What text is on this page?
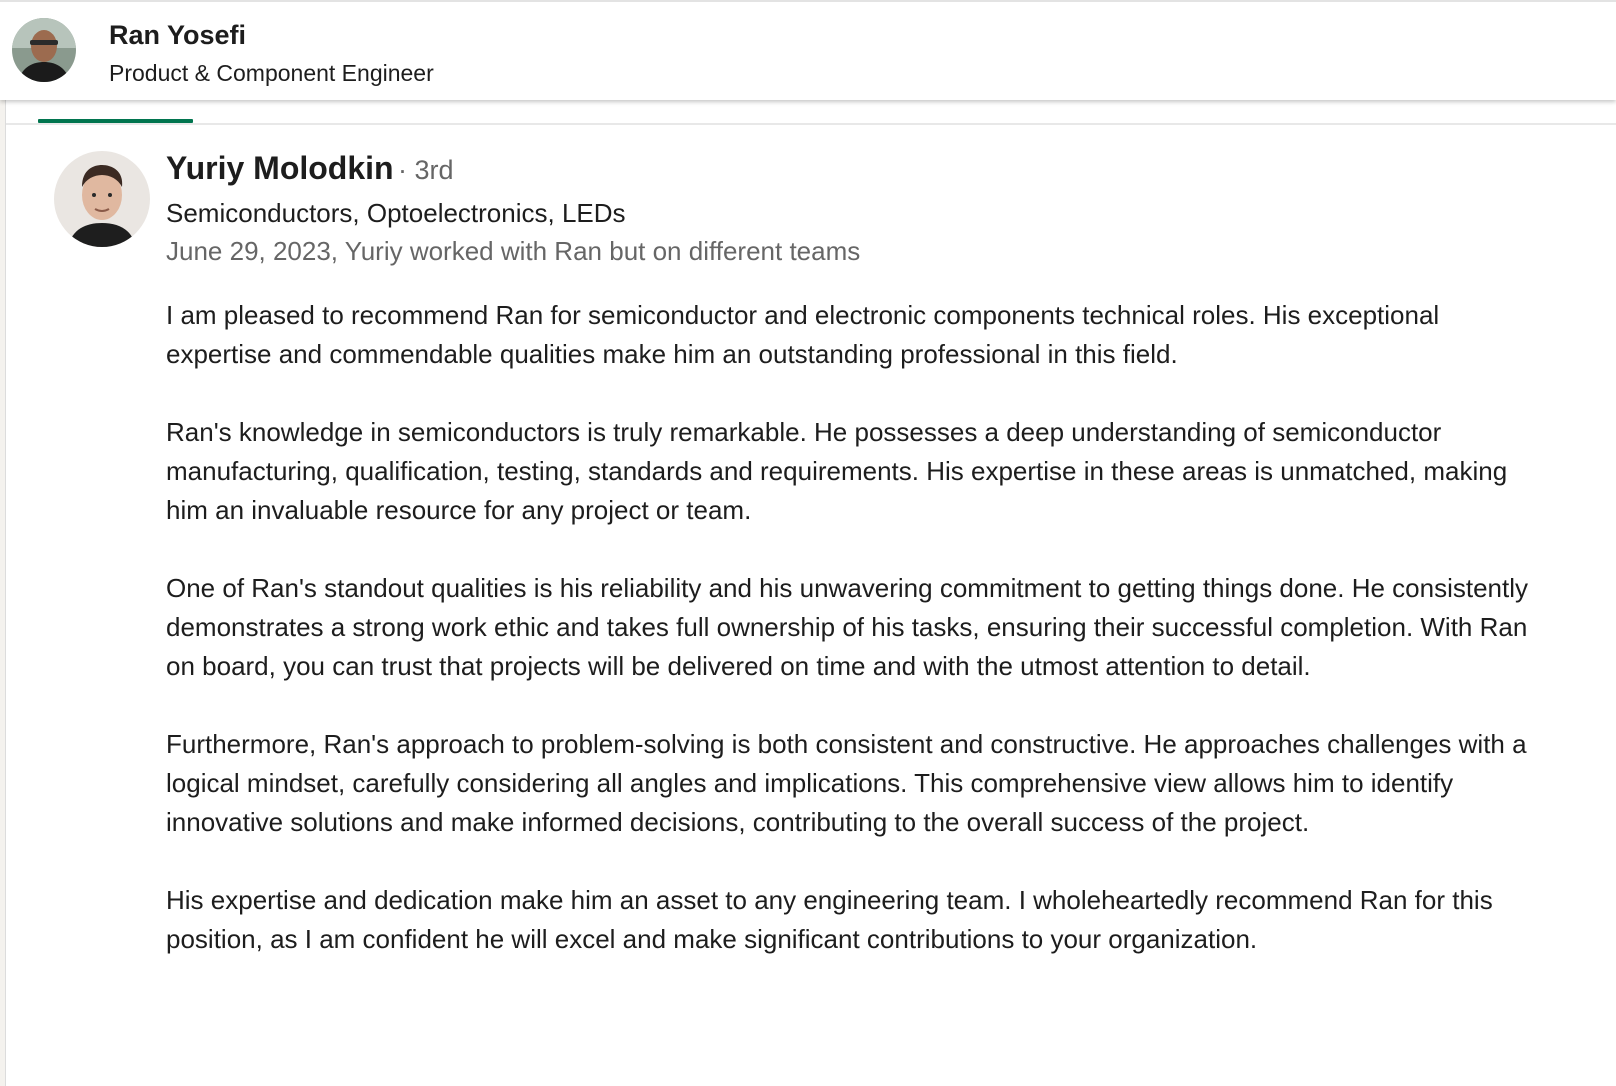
Ran Yosefi
Product & Component Engineer
Yuriy Molodkin · 3rd
Semiconductors, Optoelectronics, LEDs
June 29, 2023, Yuriy worked with Ran but on different teams

I am pleased to recommend Ran for semiconductor and electronic components technical roles. His exceptional expertise and commendable qualities make him an outstanding professional in this field.

Ran's knowledge in semiconductors is truly remarkable. He possesses a deep understanding of semiconductor manufacturing, qualification, testing, standards and requirements. His expertise in these areas is unmatched, making him an invaluable resource for any project or team.

One of Ran's standout qualities is his reliability and his unwavering commitment to getting things done. He consistently demonstrates a strong work ethic and takes full ownership of his tasks, ensuring their successful completion. With Ran on board, you can trust that projects will be delivered on time and with the utmost attention to detail.

Furthermore, Ran's approach to problem-solving is both consistent and constructive. He approaches challenges with a logical mindset, carefully considering all angles and implications. This comprehensive view allows him to identify innovative solutions and make informed decisions, contributing to the overall success of the project.

His expertise and dedication make him an asset to any engineering team. I wholeheartedly recommend Ran for this position, as I am confident he will excel and make significant contributions to your organization.
